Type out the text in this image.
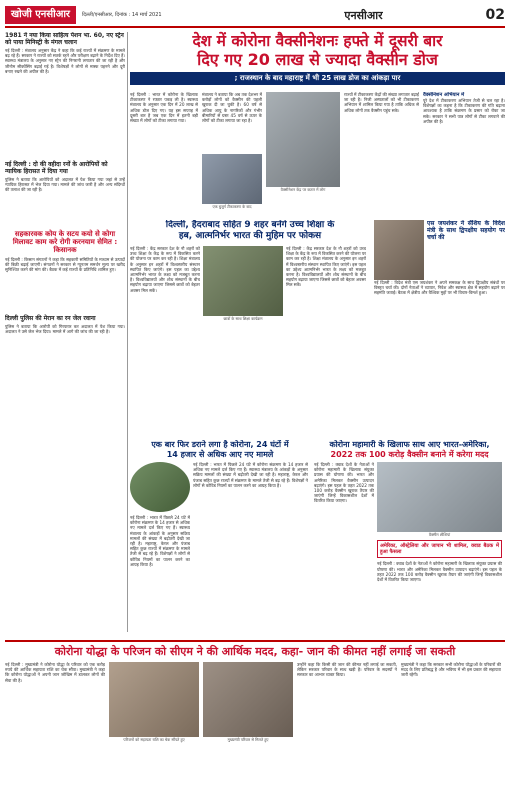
खोजी एनसीआर	दिल्ली/एनसीआर, दिनांक : 14 मार्च 2021	एनसीआर	02
1981 ने नया किया साहित्य पेशन भा. 60, नए स्ट्रेन को पाया मिनिस्ट्री के मंगल चलान
नई दिल्ली : मंत्रालय अनुसार केंद्र ने कहा कि कई राज्यों में संक्रमण के मामले बढ़ रहे हैं। सरकार ने राज्यों को सतर्क रहने और परीक्षण बढ़ाने के निर्देश दिए हैं। स्वास्थ्य मंत्रालय के अनुसार नए स्ट्रेन की निगरानी लगातार की जा रही है और जीनोम सीक्वेंसिंग बढ़ाई गई है। विशेषज्ञों ने लोगों से मास्क पहनने और दूरी बनाए रखने की अपील की है।
नई दिल्ली : दो की वहीदा रनों के आरोपियों को न्यायिक हिरासत में दिया गया
पुलिस ने बताया कि आरोपियों को अदालत में पेश किया गया जहां से उन्हें न्यायिक हिरासत में भेज दिया गया। मामले की जांच जारी है और अन्य संदिग्धों की तलाश की जा रही है।
सहकारवक कोय के सटय कयो से कोगा मिलावट काम करे रोगी करनयाम सेमित : किसानक
नई दिल्ली : किसान संगठनों ने कहा कि सहकारी समितियों के माध्यम से उत्पादों की बिक्री बढ़ाई जाएगी। संगठनों ने सरकार से न्यूनतम समर्थन मूल्य पर खरीद सुनिश्चित करने की मांग की। बैठक में कई राज्यों के प्रतिनिधि शामिल हुए।
दिल्ली पुलिस की मेरान का रन जेल रवाना
पुलिस ने बताया कि आरोपी को गिरफ्तार कर अदालत में पेश किया गया। अदालत ने उसे जेल भेज दिया। मामले में आगे की जांच की जा रही है।
देश में कोरोना वैक्सीनेशनः हफ्ते में दूसरी बार
दिए गए 20 लाख से ज्यादा वैक्सीन डोज
; राजस्थान के बाद महाराष्ट्र में भी 25 लाख डोज का आंकड़ा पार
नई दिल्ली : भारत में कोरोना के खिलाफ टीकाकरण ने रफ्तार पकड़ ली है। स्वास्थ्य मंत्रालय के अनुसार एक दिन में 20 लाख से अधिक डोज दिए गए। यह इस सप्ताह में दूसरी बार है जब एक दिन में इतनी बड़ी संख्या में लोगों को टीका लगाया गया।
मंत्रालय ने बताया कि अब तक देशभर में करोड़ों लोगों को वैक्सीन की पहली खुराक दी जा चुकी है। 60 वर्ष से अधिक आयु के नागरिकों और गंभीर बीमारियों से ग्रस्त 45 वर्ष से ऊपर के लोगों को टीका लगाया जा रहा है।
एक बुजुर्ग टीकाकरण के बाद
वैक्सीनेशन केंद्र पर कतार में लोग
राज्यों में टीकाकरण केंद्रों की संख्या लगातार बढ़ाई जा रही है। निजी अस्पतालों को भी टीकाकरण अभियान में शामिल किया गया है ताकि अधिक से अधिक लोगों तक वैक्सीन पहुंच सके।
वैक्सीनेशन अभियान में
पूरे देश में टीकाकरण अभियान तेजी से चल रहा है। विशेषज्ञों का कहना है कि टीकाकरण की गति बढ़ाना आवश्यक है ताकि संक्रमण के प्रसार को रोका जा सके। सरकार ने सभी पात्र लोगों से टीका लगवाने की अपील की है।
दिल्ली, हैदराबाद सहित 9 शहर बनेंगे उच्च शिक्षा के
हब, आत्मनिर्भर भारत की मुहिम पर फोकस
नई दिल्ली : केंद्र सरकार देश के नौ शहरों को उच्च शिक्षा के केंद्र के रूप में विकसित करने की योजना पर काम कर रही है। शिक्षा मंत्रालय के अनुसार इन शहरों में विश्वस्तरीय संस्थान स्थापित किए जाएंगे। इस पहल का उद्देश्य आत्मनिर्भर भारत के लक्ष्य को मजबूत करना है। विश्वविद्यालयों और शोध संस्थानों के बीच सहयोग बढ़ाया जाएगा जिससे छात्रों को बेहतर अवसर मिल सकें।
छात्रों के साथ शिक्षा कार्यक्रम
नई दिल्ली : केंद्र सरकार देश के नौ शहरों को उच्च शिक्षा के केंद्र के रूप में विकसित करने की योजना पर काम कर रही है। शिक्षा मंत्रालय के अनुसार इन शहरों में विश्वस्तरीय संस्थान स्थापित किए जाएंगे। इस पहल का उद्देश्य आत्मनिर्भर भारत के लक्ष्य को मजबूत करना है। विश्वविद्यालयों और शोध संस्थानों के बीच सहयोग बढ़ाया जाएगा जिससे छात्रों को बेहतर अवसर मिल सकें।
एस जयशंकर ने सेंशिय के विदेश मंत्री के साथ द्विपक्षीय सहयोग पर चर्चा की
नई दिल्ली : विदेश मंत्री एस जयशंकर ने अपने समकक्ष के साथ द्विपक्षीय संबंधों पर विस्तृत चर्चा की। दोनों नेताओं ने व्यापार, निवेश और स्वास्थ्य क्षेत्र में सहयोग बढ़ाने पर सहमति जताई। बैठक में क्षेत्रीय और वैश्विक मुद्दों पर भी विचार-विमर्श हुआ।
एक बार फिर डराने लगा है कोरोना, 24 घंटों में
14 हजार से अधिक आए नए मामले
नई दिल्ली : भारत में पिछले 24 घंटे में कोरोना संक्रमण के 14 हजार से अधिक नए मामले दर्ज किए गए हैं। स्वास्थ्य मंत्रालय के आंकड़ों के अनुसार सक्रिय मामलों की संख्या में बढ़ोतरी देखी जा रही है। महाराष्ट्र, केरल और पंजाब सहित कुछ राज्यों में संक्रमण के मामले तेजी से बढ़ रहे हैं। विशेषज्ञों ने लोगों से कोविड नियमों का पालन करने का आग्रह किया है।
नई दिल्ली : भारत में पिछले 24 घंटे में कोरोना संक्रमण के 14 हजार से अधिक नए मामले दर्ज किए गए हैं। स्वास्थ्य मंत्रालय के आंकड़ों के अनुसार सक्रिय मामलों की संख्या में बढ़ोतरी देखी जा रही है। महाराष्ट्र, केरल और पंजाब सहित कुछ राज्यों में संक्रमण के मामले तेजी से बढ़ रहे हैं। विशेषज्ञों ने लोगों से कोविड नियमों का पालन करने का आग्रह किया है।
कोरोना महामारी के खिलाफ साथ आए भारत-अमेरिका,
2022 तक 100 करोड़ वैक्सीन बनाने में करेगा मदद
नई दिल्ली : क्वाड देशों के नेताओं ने कोरोना महामारी के खिलाफ संयुक्त प्रयास की घोषणा की। भारत और अमेरिका मिलकर वैक्सीन उत्पादन बढ़ाएंगे। इस पहल के तहत 2022 तक 100 करोड़ वैक्सीन खुराक तैयार की जाएंगी जिन्हें विकासशील देशों में वितरित किया जाएगा।
वैक्सीन शीशियां
अमेरिका, ऑस्ट्रेलिया और जापान भी शामिल, क्वाड बैठक में हुआ फैसला
नई दिल्ली : क्वाड देशों के नेताओं ने कोरोना महामारी के खिलाफ संयुक्त प्रयास की घोषणा की। भारत और अमेरिका मिलकर वैक्सीन उत्पादन बढ़ाएंगे। इस पहल के तहत 2022 तक 100 करोड़ वैक्सीन खुराक तैयार की जाएंगी जिन्हें विकासशील देशों में वितरित किया जाएगा।
कोरोना योद्धा के परिजन को सीएम ने की आर्थिक मदद, कहा- जान की कीमत नहीं लगाई जा सकती
नई दिल्ली : मुख्यमंत्री ने कोरोना योद्धा के परिवार को एक करोड़ रुपये की आर्थिक सहायता राशि का चेक सौंपा। मुख्यमंत्री ने कहा कि कोरोना योद्धाओं ने अपनी जान जोखिम में डालकर लोगों की सेवा की है।
परिजनों को सहायता राशि का चेक सौंपते हुए	मुख्यमंत्री परिवार से मिलते हुए
उन्होंने कहा कि किसी की जान की कीमत नहीं लगाई जा सकती, लेकिन सरकार परिवार के साथ खड़ी है। परिवार के सदस्यों ने सरकार का आभार व्यक्त किया।
मुख्यमंत्री ने कहा कि सरकार सभी कोरोना योद्धाओं के परिवारों की मदद के लिए प्रतिबद्ध है और भविष्य में भी इस प्रकार की सहायता जारी रहेगी।
